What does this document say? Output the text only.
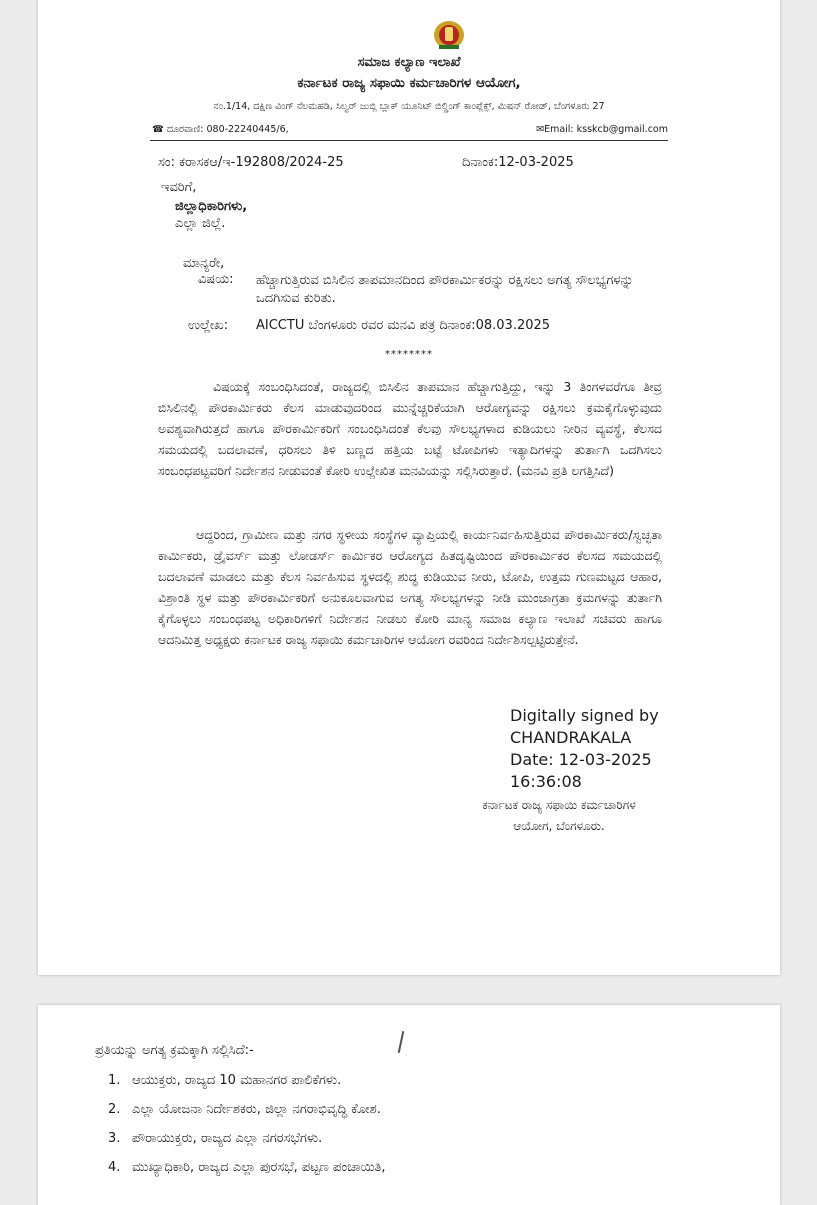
ಸಮಾಜ ಕಲ್ಯಾಣ ಇಲಾಖೆ
ಕರ್ನಾಟಕ ರಾಜ್ಯ ಸಫಾಯಿ ಕರ್ಮಚಾರಿಗಳ ಆಯೋಗ,
ನಂ.1/14, ದಕ್ಷಿಣ ವಿಂಗ್ ನೆಲಮಹಡಿ, ಸಿಲ್ವರ್ ಜುಬ್ಲಿ ಬ್ಲಾಕ್ ಯೂನಿಟ್ ಬಿಲ್ಡಿಂಗ್ ಕಾಂಪ್ಲೆಕ್ಸ್, ಮಿಷನ್ ರೋಡ್, ಬೆಂಗಳೂರು 27
☎ ದೂರವಾಣಿ: 080-22240445/6,	✉Email: ksskcb@gmail.com
ಸಂ: ಕರಾಸಕಆ/ಇ-192808/2024-25	ದಿನಾಂಕ:12-03-2025
ಇವರಿಗೆ,
ಜಿಲ್ಲಾಧಿಕಾರಿಗಳು,
ಎಲ್ಲಾ ಜಿಲ್ಲೆ.
ಮಾನ್ಯರೇ,
ವಿಷಯ: ಹೆಚ್ಚಾಗುತ್ತಿರುವ ಬಿಸಿಲಿನ ತಾಪಮಾನದಿಂದ ಪೌರಕಾರ್ಮಿಕರನ್ನು ರಕ್ಷಿಸಲು ಅಗತ್ಯ ಸೌಲಭ್ಯಗಳನ್ನು ಒದಗಿಸುವ ಕುರಿತು.
ಉಲ್ಲೇಖ: AICCTU ಬೆಂಗಳೂರು ರವರ ಮನವಿ ಪತ್ರ ದಿನಾಂಕ:08.03.2025
********
ವಿಷಯಕ್ಕೆ ಸಂಬಂಧಿಸಿದಂತೆ, ರಾಜ್ಯದಲ್ಲಿ ಬಿಸಿಲಿನ ತಾಪಮಾನ ಹೆಚ್ಚಾಗುತ್ತಿದ್ದು, ಇನ್ನು 3 ತಿಂಗಳವರೆಗೂ ತೀವ್ರ ಬಿಸಿಲಿನಲ್ಲಿ ಪೌರಕಾರ್ಮಿಕರು ಕೆಲಸ ಮಾಡುವುದರಿಂದ ಮುನ್ನೆಚ್ಚರಿಕೆಯಾಗಿ ಆರೋಗ್ಯವನ್ನು ರಕ್ಷಿಸಲು ಕ್ರಮಕೈಗೊಳ್ಳುವುದು ಅವಶ್ಯವಾಗಿರುತ್ತದೆ ಹಾಗೂ ಪೌರಕಾರ್ಮಿಕರಿಗೆ ಸಂಬಂಧಿಸಿದಂತೆ ಕೆಲವು ಸೌಲಭ್ಯಗಳಾದ ಕುಡಿಯಲು ನೀರಿನ ವ್ಯವಸ್ಥೆ, ಕೆಲಸದ ಸಮಯದಲ್ಲಿ ಬದಲಾವಣೆ, ಧರಿಸಲು ತಿಳಿ ಬಣ್ಣದ ಹತ್ತಿಯ ಬಟ್ಟೆ ಟೋಪಿಗಳು ಇತ್ಯಾದಿಗಳನ್ನು ತುರ್ತಾಗಿ ಒದಗಿಸಲು ಸಂಬಂಧಪಟ್ಟವರಿಗೆ ನಿರ್ದೇಶನ ನೀಡುವಂತೆ ಕೋರಿ ಉಲ್ಲೇಖಿತ ಮನವಿಯನ್ನು ಸಲ್ಲಿಸಿರುತ್ತಾರೆ. (ಮನವಿ ಪ್ರತಿ ಲಗತ್ತಿಸಿದೆ)
ಆದ್ದರಿಂದ, ಗ್ರಾಮೀಣ ಮತ್ತು ನಗರ ಸ್ಥಳೀಯ ಸಂಸ್ಥೆಗಳ ವ್ಯಾಪ್ತಿಯಲ್ಲಿ ಕಾರ್ಯನಿರ್ವಹಿಸುತ್ತಿರುವ ಪೌರಕಾರ್ಮಿಕರು/ಸ್ವಚ್ಛತಾ ಕಾರ್ಮಿಕರು, ಡ್ರೈವರ್ಸ್ ಮತ್ತು ಲೋಡರ್ಸ್ ಕಾರ್ಮಿಕರ ಆರೋಗ್ಯದ ಹಿತದೃಷ್ಟಿಯಿಂದ ಪೌರಕಾರ್ಮಿಕರ ಕೆಲಸದ ಸಮಯದಲ್ಲಿ ಬದಲಾವಣೆ ಮಾಡಲು ಮತ್ತು ಕೆಲಸ ನಿರ್ವಹಿಸುವ ಸ್ಥಳದಲ್ಲಿ ಶುದ್ಧ ಕುಡಿಯುವ ನೀರು, ಟೋಪಿ, ಉತ್ತಮ ಗುಣಮಟ್ಟದ ಆಹಾರ, ವಿಶ್ರಾಂತಿ ಸ್ಥಳ ಮತ್ತು ಪೌರಕಾರ್ಮಿಕರಿಗೆ ಅನುಕೂಲವಾಗುವ ಅಗತ್ಯ ಸೌಲಭ್ಯಗಳನ್ನು ನೀಡಿ ಮುಂಜಾಗ್ರತಾ ಕ್ರಮಗಳನ್ನು ತುರ್ತಾಗಿ ಕೈಗೊಳ್ಳಲು ಸಂಬಂಧಪಟ್ಟ ಅಧಿಕಾರಿಗಳಿಗೆ ನಿರ್ದೇಶನ ನೀಡಲು ಕೋರಿ ಮಾನ್ಯ ಸಮಾಜ ಕಲ್ಯಾಣ ಇಲಾಖೆ ಸಚಿವರು ಹಾಗೂ ಆದನಿಮಿತ್ತ ಅಧ್ಯಕ್ಷರು ಕರ್ನಾಟಕ ರಾಜ್ಯ ಸಫಾಯಿ ಕರ್ಮಚಾರಿಗಳ ಆಯೋಗ ರವರಿಂದ ನಿರ್ದೇಶಿಸಲ್ಪಟ್ಟಿರುತ್ತೇನೆ.
Digitally signed by
CHANDRAKALA
Date: 12-03-2025
16:36:08
ಕರ್ನಾಟಕ ರಾಜ್ಯ ಸಫಾಯಿ ಕರ್ಮಚಾರಿಗಳ
ಆಯೋಗ, ಬೆಂಗಳೂರು.
ಪ್ರತಿಯನ್ನು ಅಗತ್ಯ ಕ್ರಮಕ್ಕಾಗಿ ಸಲ್ಲಿಸಿದೆ:-
1. ಆಯುಕ್ತರು, ರಾಜ್ಯದ 10 ಮಹಾನಗರ ಪಾಲಿಕೆಗಳು.
2. ಎಲ್ಲಾ ಯೋಜನಾ ನಿರ್ದೇಶಕರು, ಜಿಲ್ಲಾ ನಗರಾಭಿವೃದ್ಧಿ ಕೋಶ.
3. ಪೌರಾಯುಕ್ತರು, ರಾಜ್ಯದ ಎಲ್ಲಾ ನಗರಸಭೆಗಳು.
4. ಮುಖ್ಯಾಧಿಕಾರಿ, ರಾಜ್ಯದ ಎಲ್ಲಾ ಪುರಸಭೆ, ಪಟ್ಟಣ ಪಂಚಾಯಿತಿ,
